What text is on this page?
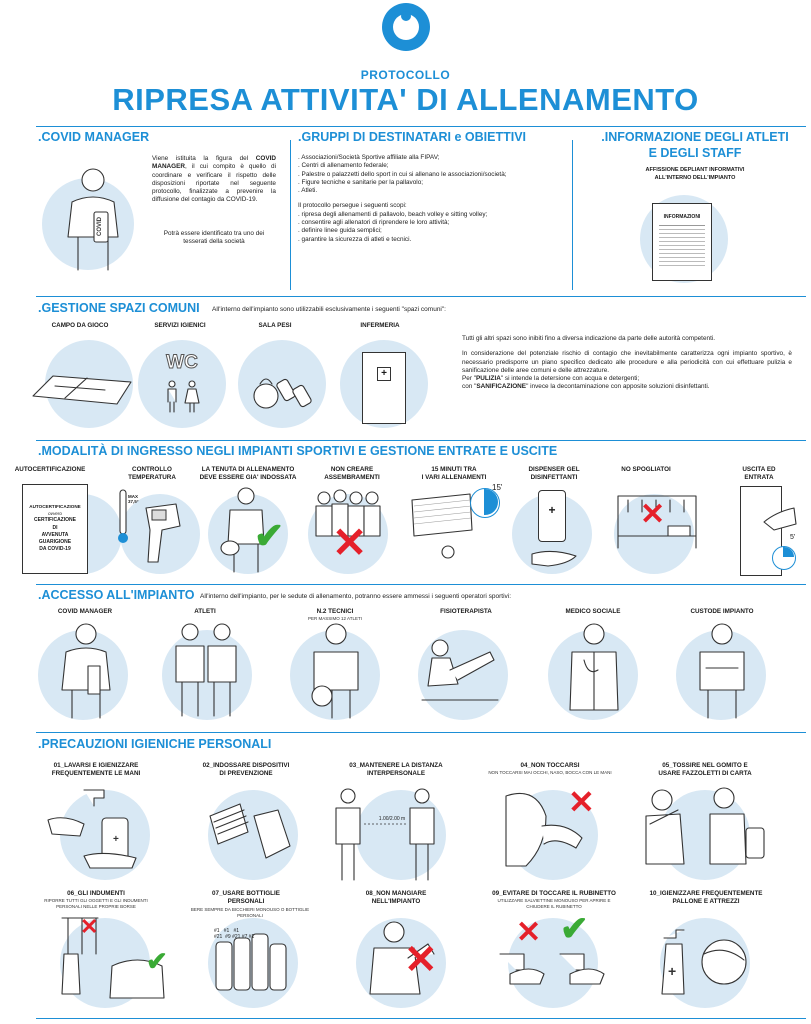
PROTOCOLLO
RIPRESA ATTIVITA' DI ALLENAMENTO
.COVID MANAGER
COVID
Viene istituita la figura del COVID MANAGER, il cui compito è quello di coordinare e verificare il rispetto delle disposizioni riportate nel seguente protocollo, finalizzate a prevenire la diffusione del contagio da COVID-19.
Potrà essere identificato tra uno dei tesserati della società
.GRUPPI DI DESTINATARI e OBIETTIVI
. Associazioni/Società Sportive affiliate alla FIPAV;
. Centri di allenamento federale;
. Palestre o palazzetti dello sport in cui si allenano le associazioni/società;
. Figure tecniche e sanitarie per la pallavolo;
. Atleti.
Il protocollo persegue i seguenti scopi:
. ripresa degli allenamenti di pallavolo, beach volley e sitting volley;
. consentire agli allenatori di riprendere le loro attività;
. definire linee guida semplici;
. garantire la sicurezza di atleti e tecnici.
.INFORMAZIONE DEGLI ATLETI
E DEGLI STAFF
AFFISSIONE DEPLIANT INFORMATIVI
ALL'INTERNO DELL'IMPIANTO
INFORMAZIONI
.GESTIONE SPAZI COMUNI All'interno dell'impianto sono utilizzabili esclusivamente i seguenti "spazi comuni":
CAMPO DA GIOCO	SERVIZI IGIENICI	SALA PESI	INFERMERIA
WC
+
Tutti gli altri spazi sono inibiti fino a diversa indicazione da parte delle autorità competenti.
In considerazione del potenziale rischio di contagio che inevitabilmente caratterizza ogni impianto sportivo, è necessario predisporre un piano specifico dedicato alle procedure e alla periodicità con cui effettuare pulizia e sanificazione delle aree comuni e delle attrezzature.
Per "PULIZIA" si intende la detersione con acqua e detergenti;
con "SANIFICAZIONE" invece la decontaminazione con apposite soluzioni disinfettanti.
.MODALITÀ DI INGRESSO NEGLI IMPIANTI SPORTIVI E GESTIONE ENTRATE E USCITE
AUTOCERTIFICAZIONE	CONTROLLO
TEMPERATURA
LA TENUTA DI ALLENAMENTO
DEVE ESSERE GIA' INDOSSATA
NON CREARE
ASSEMBRAMENTI
15 MINUTI TRA
I VARI ALLENAMENTI
DISPENSER GEL
DISINFETTANTI
NO SPOGLIATOI	USCITA ED
ENTRATA
AUTOCERTIFICAZIONE
ovvero
CERTIFICAZIONE
DI
AVVENUTA
GUARIGIONE
DA COVID-19
MAX 37,5°
✔ ✕
15'
+	✕
5'
.ACCESSO ALL'IMPIANTO All'interno dell'impianto, per le sedute di allenamento, potranno essere ammessi i seguenti operatori sportivi:
COVID MANAGER	ATLETI	N.2 TECNICI
PER MASSIMO 12 ATLETI
FISIOTERAPISTA	MEDICO SOCIALE	CUSTODE IMPIANTO
.PRECAUZIONI IGIENICHE PERSONALI
01_LAVARSI E IGIENIZZARE
FREQUENTEMENTE LE MANI
02_INDOSSARE DISPOSITIVI
DI PREVENZIONE
03_MANTENERE LA DISTANZA
INTERPERSONALE
04_NON TOCCARSI
NON TOCCARSI MAI OCCHI, NASO, BOCCA CON LE MANI
05_TOSSIRE NEL GOMITO E
USARE FAZZOLETTI DI CARTA
+
1.00/2.00 m	✕
06_GLI INDUMENTI
RIPORRE TUTTI GLI OGGETTI E GLI INDUMENTI PERSONALI NELLE PROPRIE BORSE
07_USARE BOTTIGLIE
PERSONALI
BERE SEMPRE DA BICCHIERI MONOUSO O BOTTIGLIE PERSONALI
08_NON MANGIARE
NELL'IMPIANTO
09_EVITARE DI TOCCARE IL RUBINETTO
UTILIZZARE SALVIETTINE MONOUSO PER APRIRE E CHIUDERE IL RUBINETTO
10_IGIENIZZARE FREQUENTEMENTE
PALLONE E ATTREZZI
✕
✔
#1 #1 #1
#21 #9 #21 #7 #1
✕
✕ ✔
+
